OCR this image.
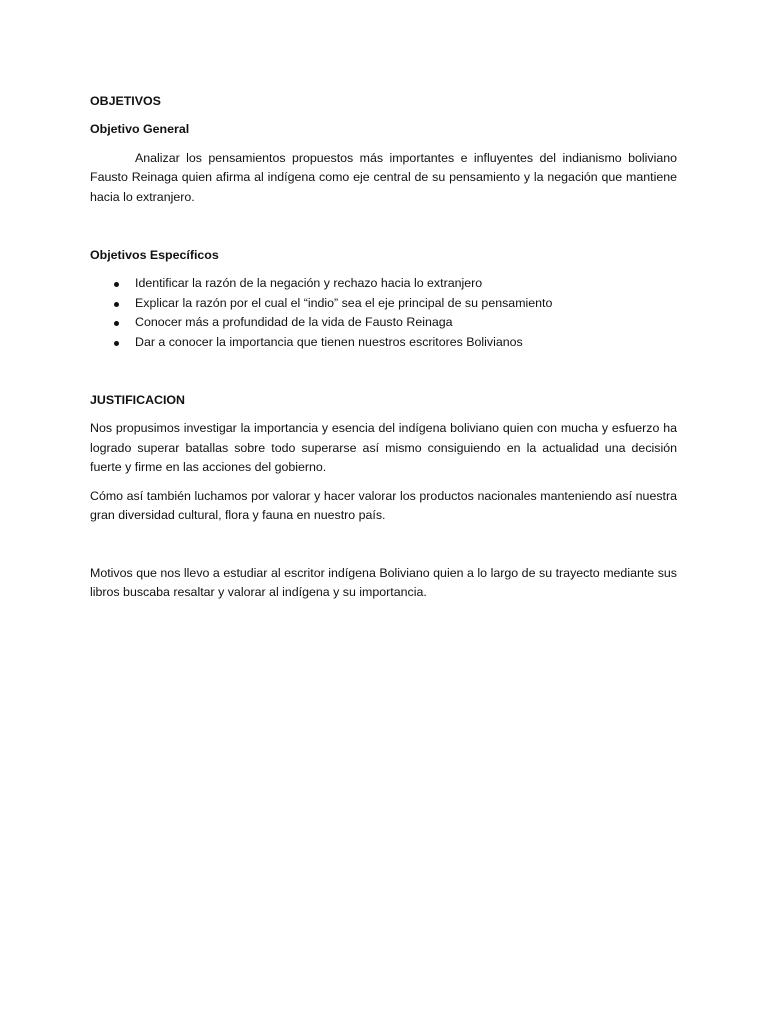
OBJETIVOS

Objetivo General

Analizar los pensamientos propuestos más importantes e influyentes del indianismo boliviano Fausto Reinaga quien afirma al indígena como eje central de su pensamiento y la negación que mantiene hacia lo extranjero.

Objetivos Específicos

Identificar la razón de la negación y rechazo hacia lo extranjero
Explicar la razón por el cual el “indio” sea el eje principal de su pensamiento
Conocer más a profundidad de la vida de Fausto Reinaga
Dar a conocer la importancia que tienen nuestros escritores Bolivianos

JUSTIFICACION

Nos propusimos investigar la importancia y esencia del indígena boliviano quien con mucha y esfuerzo ha logrado superar batallas sobre todo superarse así mismo consiguiendo en la actualidad una decisión fuerte y firme en las acciones del gobierno.

Cómo así también luchamos por valorar y hacer valorar los productos nacionales manteniendo así nuestra gran diversidad cultural, flora y fauna en nuestro país.

Motivos que nos llevo a estudiar al escritor indígena Boliviano quien a lo largo de su trayecto mediante sus libros buscaba resaltar y valorar al indígena y su importancia.
